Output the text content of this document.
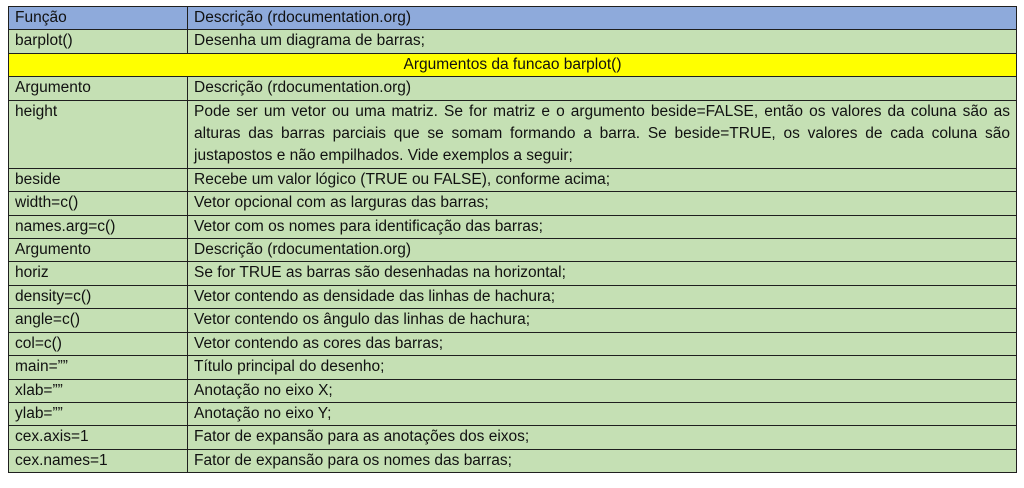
Função	Descrição (rdocumentation.org)
barplot()	Desenha um diagrama de barras;
Argumentos da funcao barplot()	
Argumento	Descrição (rdocumentation.org)
height	Pode ser um vetor ou uma matriz. Se for matriz e o argumento beside=FALSE, então os valores da coluna são as alturas das barras parciais que se somam formando a barra. Se beside=TRUE, os valores de cada coluna são justapostos e não empilhados. Vide exemplos a seguir;
beside	Recebe um valor lógico (TRUE ou FALSE), conforme acima;
width=c()	Vetor opcional com as larguras das barras;
names.arg=c()	Vetor com os nomes para identificação das barras;
Argumento	Descrição (rdocumentation.org)
horiz	Se for TRUE as barras são desenhadas na horizontal;
density=c()	Vetor contendo as densidade das linhas de hachura;
angle=c()	Vetor contendo os ângulo das linhas de hachura;
col=c()	Vetor contendo as cores das barras;
main=””	Título principal do desenho;
xlab=””	Anotação no eixo X;
ylab=””	Anotação no eixo Y;
cex.axis=1	Fator de expansão para as anotações dos eixos;
cex.names=1	Fator de expansão para os nomes das barras;
